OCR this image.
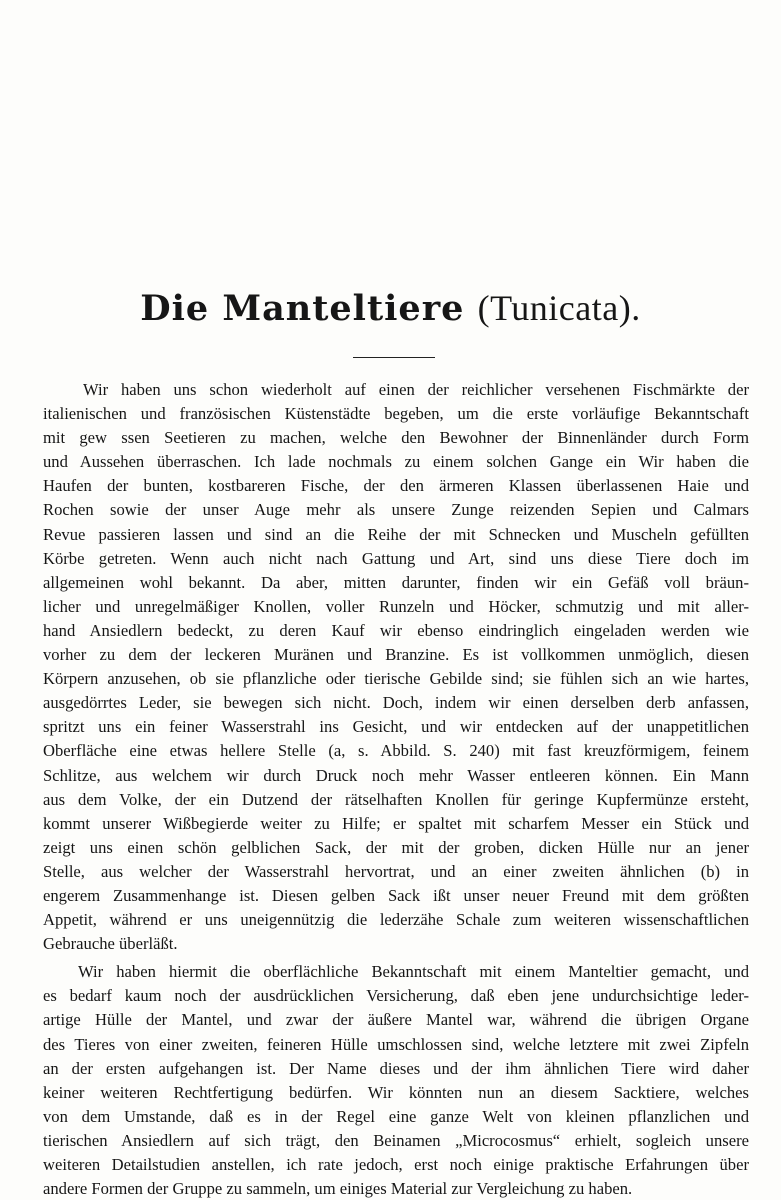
Die Manteltiere (Tunicata).
Wir haben uns schon wiederholt auf einen der reichlicher versehenen Fischmärkte der
italienischen und französischen Küstenstädte begeben, um die erste vorläufige Bekanntschaft
mit gew ssen Seetieren zu machen, welche den Bewohner der Binnenländer durch Form
und Aussehen überraschen. Ich lade nochmals zu einem solchen Gange ein Wir haben die
Haufen der bunten, kostbareren Fische, der den ärmeren Klassen überlassenen Haie und
Rochen sowie der unser Auge mehr als unsere Zunge reizenden Sepien und Calmars
Revue passieren lassen und sind an die Reihe der mit Schnecken und Muscheln gefüllten
Körbe getreten. Wenn auch nicht nach Gattung und Art, sind uns diese Tiere doch im
allgemeinen wohl bekannt. Da aber, mitten darunter, finden wir ein Gefäß voll bräun-
licher und unregelmäßiger Knollen, voller Runzeln und Höcker, schmutzig und mit aller-
hand Ansiedlern bedeckt, zu deren Kauf wir ebenso eindringlich eingeladen werden wie
vorher zu dem der leckeren Muränen und Branzine. Es ist vollkommen unmöglich, diesen
Körpern anzusehen, ob sie pflanzliche oder tierische Gebilde sind; sie fühlen sich an wie hartes,
ausgedörrtes Leder, sie bewegen sich nicht. Doch, indem wir einen derselben derb anfassen,
spritzt uns ein feiner Wasserstrahl ins Gesicht, und wir entdecken auf der unappetitlichen
Oberfläche eine etwas hellere Stelle (a, s. Abbild. S. 240) mit fast kreuzförmigem, feinem
Schlitze, aus welchem wir durch Druck noch mehr Wasser entleeren können. Ein Mann
aus dem Volke, der ein Dutzend der rätselhaften Knollen für geringe Kupfermünze ersteht,
kommt unserer Wißbegierde weiter zu Hilfe; er spaltet mit scharfem Messer ein Stück und
zeigt uns einen schön gelblichen Sack, der mit der groben, dicken Hülle nur an jener
Stelle, aus welcher der Wasserstrahl hervortrat, und an einer zweiten ähnlichen (b) in
engerem Zusammenhange ist. Diesen gelben Sack ißt unser neuer Freund mit dem größten
Appetit, während er uns uneigennützig die lederzähe Schale zum weiteren wissenschaftlichen
Gebrauche überläßt.
Wir haben hiermit die oberflächliche Bekanntschaft mit einem Manteltier gemacht, und
es bedarf kaum noch der ausdrücklichen Versicherung, daß eben jene undurchsichtige leder-
artige Hülle der Mantel, und zwar der äußere Mantel war, während die übrigen Organe
des Tieres von einer zweiten, feineren Hülle umschlossen sind, welche letztere mit zwei Zipfeln
an der ersten aufgehangen ist. Der Name dieses und der ihm ähnlichen Tiere wird daher
keiner weiteren Rechtfertigung bedürfen. Wir könnten nun an diesem Sacktiere, welches
von dem Umstande, daß es in der Regel eine ganze Welt von kleinen pflanzlichen und
tierischen Ansiedlern auf sich trägt, den Beinamen „Microcosmus“ erhielt, sogleich unsere
weiteren Detailstudien anstellen, ich rate jedoch, erst noch einige praktische Erfahrungen über
andere Formen der Gruppe zu sammeln, um einiges Material zur Vergleichung zu haben.
